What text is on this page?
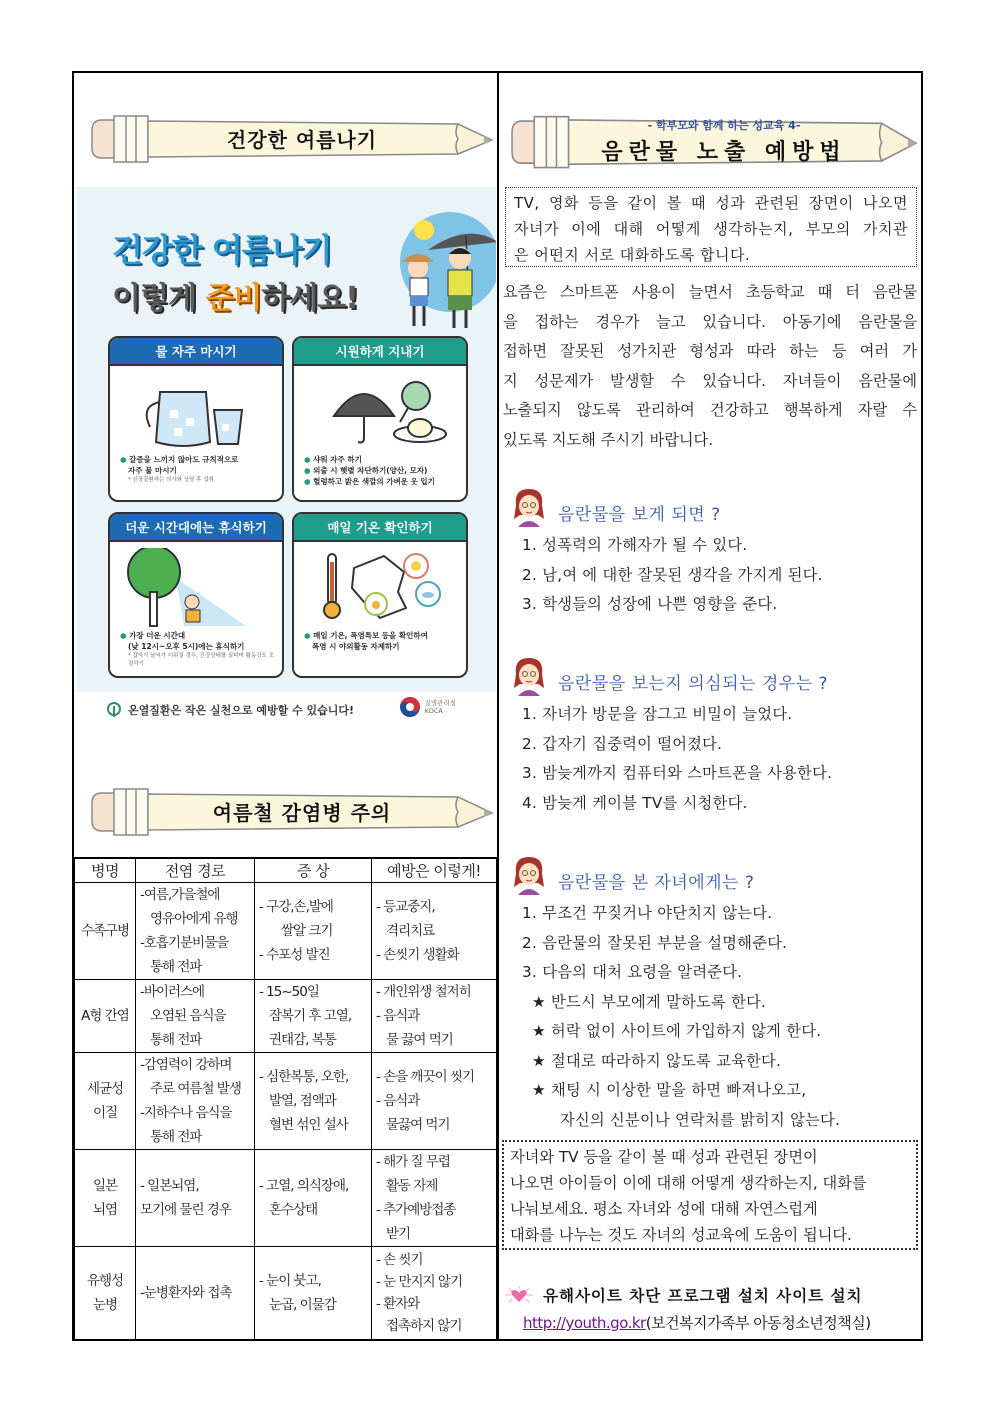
건강한 여름나기
건강한 여름나기
이렇게 준비하세요!
물 자주 마시기
● 갈증을 느끼지 않아도 규칙적으로
자주 물 마시기
* 신장질환자는 의사와 상담 후 섭취
시원하게 지내기
● 샤워 자주 하기
● 외출 시 햇볕 차단하기(양산, 모자)
● 헐렁하고 밝은 색깔의 가벼운 옷 입기
더운 시간대에는 휴식하기
● 가장 더운 시간대
(낮 12시~오후 5시)에는 휴식하기
* 갑자기 날씨가 더워질 경우, 건강상태를 살피며 활동강도 조절하기
매일 기온 확인하기
● 매일 기온, 폭염특보 등을 확인하여
폭염 시 야외활동 자제하기
온열질환은 작은 실천으로 예방할 수 있습니다!
질병관리청
KDCA
여름철 감염병 주의
병명	전염 경로	증 상	예방은 이렇게!

수족구병	-여름,가을철에
영유아에게 유행
-호흡기분비물을
통해 전파	- 구강,손,발에
쌀알 크기
- 수포성 발진	- 등교중지,
격리치료
- 손씻기 생활화

A형 간염	-바이러스에
오염된 음식을
통해 전파	- 15~50일
잠복기 후 고열,
권태감, 복통	- 개인위생 철저히
- 음식과
물 끓여 먹기

세균성
이질	-감염력이 강하며
주로 여름철 발생
-지하수나 음식을
통해 전파	- 심한복통, 오한,
발열, 점액과
혈변 섞인 설사	- 손을 깨끗이 씻기
- 음식과
물끓여 먹기

일본
뇌염	- 일본뇌염,
모기에 물린 경우	- 고열, 의식장애,
혼수상태	- 해가 질 무렵
활동 자제
- 추가예방접종
받기

유행성
눈병	-눈병환자와 접촉	- 눈이 붓고,
눈곱, 이물감	- 손 씻기
- 눈 만지지 않기
- 환자와
접촉하지 않기
- 학부모와 함께 하는 성교육 4-
음란물 노출 예방법
TV, 영화 등을 같이 볼 때 성과 관련된 장면이 나오면
자녀가 이에 대해 어떻게 생각하는지, 부모의 가치관
은 어떤지 서로 대화하도록 합니다.
요즘은 스마트폰 사용이 늘면서 초등학교 때 터 음란물
을 접하는 경우가 늘고 있습니다. 아동기에 음란물을
접하면 잘못된 성가치관 형성과 따라 하는 등 여러 가
지 성문제가 발생할 수 있습니다. 자녀들이 음란물에
노출되지 않도록 관리하여 건강하고 행복하게 자랄 수
있도록 지도해 주시기 바랍니다.
음란물을 보게 되면 ?
1. 성폭력의 가해자가 될 수 있다.
2. 남,여 에 대한 잘못된 생각을 가지게 된다.
3. 학생들의 성장에 나쁜 영향을 준다.
음란물을 보는지 의심되는 경우는 ?
1. 자녀가 방문을 잠그고 비밀이 늘었다.
2. 갑자기 집중력이 떨어졌다.
3. 밤늦게까지 컴퓨터와 스마트폰을 사용한다.
4. 밤늦게 케이블 TV를 시청한다.
음란물을 본 자녀에게는 ?
1. 무조건 꾸짖거나 야단치지 않는다.
2. 음란물의 잘못된 부분을 설명해준다.
3. 다음의 대처 요령을 알려준다.
★ 반드시 부모에게 말하도록 한다.
★ 허락 없이 사이트에 가입하지 않게 한다.
★ 절대로 따라하지 않도록 교육한다.
★ 채팅 시 이상한 말을 하면 빠져나오고,
자신의 신분이나 연락처를 밝히지 않는다.
자녀와 TV 등을 같이 볼 때 성과 관련된 장면이
나오면 아이들이 이에 대해 어떻게 생각하는지, 대화를
나눠보세요. 평소 자녀와 성에 대해 자연스럽게
대화를 나누는 것도 자녀의 성교육에 도움이 됩니다.
유해사이트 차단 프로그램 설치 사이트 설치
http://youth.go.kr(보건복지가족부 아동청소년정책실)
